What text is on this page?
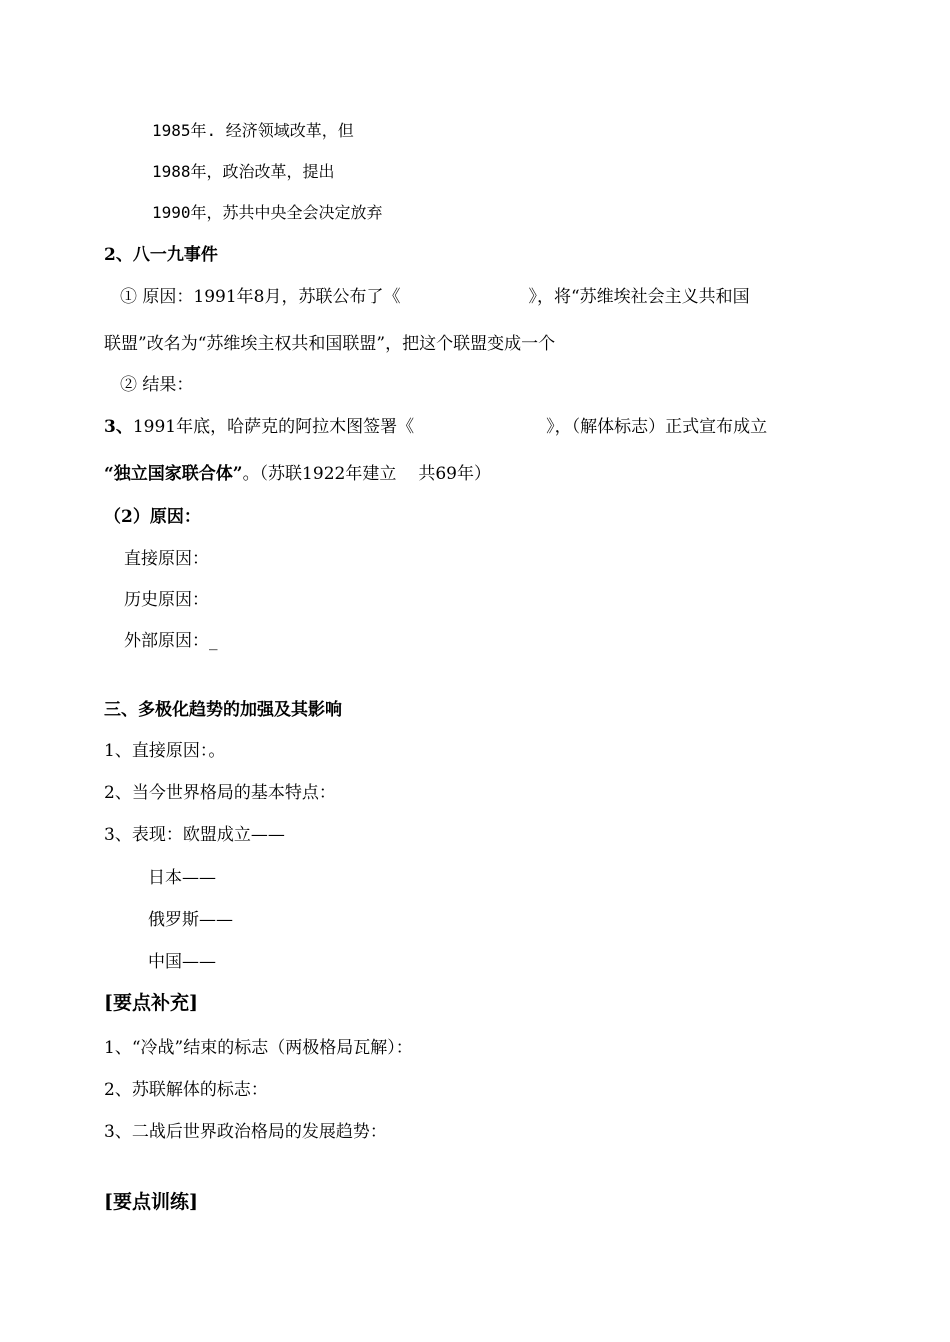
1985年. 经济领域改革，但
1988年，政治改革，提出
1990年，苏共中央全会决定放弃
2、八一九事件
① 原因：1991年8月，苏联公布了《	》，将“苏维埃社会主义共和国
联盟”改名为“苏维埃主权共和国联盟”，把这个联盟变成一个
② 结果：
3、1991年底，哈萨克的阿拉木图签署《	》，（解体标志）正式宣布成立
“独立国家联合体”。（苏联1922年建立 共69年）
（2）原因：
直接原因：
历史原因：
外部原因：_
三、多极化趋势的加强及其影响
1、直接原因：。
2、当今世界格局的基本特点：
3、表现：欧盟成立——
日本——
俄罗斯——
中国——
[要点补充]
1、“冷战”结束的标志（两极格局瓦解）：
2、苏联解体的标志：
3、二战后世界政治格局的发展趋势：
[要点训练]
